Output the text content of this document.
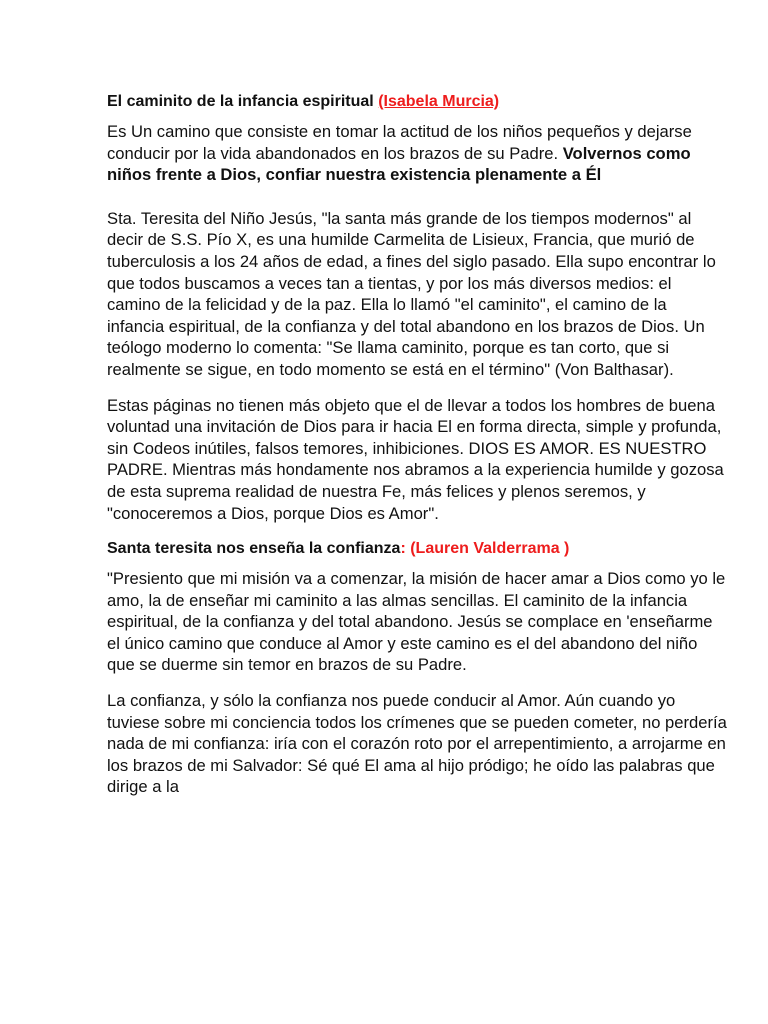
El caminito de la infancia espiritual (Isabela Murcia)

Es Un camino que consiste en tomar la actitud de los niños pequeños y dejarse conducir por la vida abandonados en los brazos de su Padre. Volvernos como niños frente a Dios, confiar nuestra existencia plenamente a Él

Sta. Teresita del Niño Jesús, "la santa más grande de los tiempos modernos" al decir de S.S. Pío X, es una humilde Carmelita de Lisieux, Francia, que murió de tuberculosis a los 24 años de edad, a fines del siglo pasado. Ella supo encontrar lo que todos buscamos a veces tan a tientas, y por los más diversos medios: el camino de la felicidad y de la paz. Ella lo llamó "el caminito", el camino de la infancia espiritual, de la confianza y del total abandono en los brazos de Dios. Un teólogo moderno lo comenta: "Se llama caminito, porque es tan corto, que si realmente se sigue, en todo momento se está en el término" (Von Balthasar).

Estas páginas no tienen más objeto que el de llevar a todos los hombres de buena voluntad una invitación de Dios para ir hacia El en forma directa, simple y profunda, sin Codeos inútiles, falsos temores, inhibiciones. DIOS ES AMOR. ES NUESTRO PADRE. Mientras más hondamente nos abramos a la experiencia humilde y gozosa de esta suprema realidad de nuestra Fe, más felices y plenos seremos, y "conoceremos a Dios, porque Dios es Amor".

Santa teresita nos enseña la confianza: (Lauren Valderrama )

"Presiento que mi misión va a comenzar, la misión de hacer amar a Dios como yo le amo, la de enseñar mi caminito a las almas sencillas. El caminito de la infancia espiritual, de la confianza y del total abandono. Jesús se complace en 'enseñarme el único camino que conduce al Amor y este camino es el del abandono del niño que se duerme sin temor en brazos de su Padre.

La confianza, y sólo la confianza nos puede conducir al Amor. Aún cuando yo tuviese sobre mi conciencia todos los crímenes que se pueden cometer, no perdería nada de mi confianza: iría con el corazón roto por el arrepentimiento, a arrojarme en los brazos de mi Salvador: Sé qué El ama al hijo pródigo; he oído las palabras que dirige a la
